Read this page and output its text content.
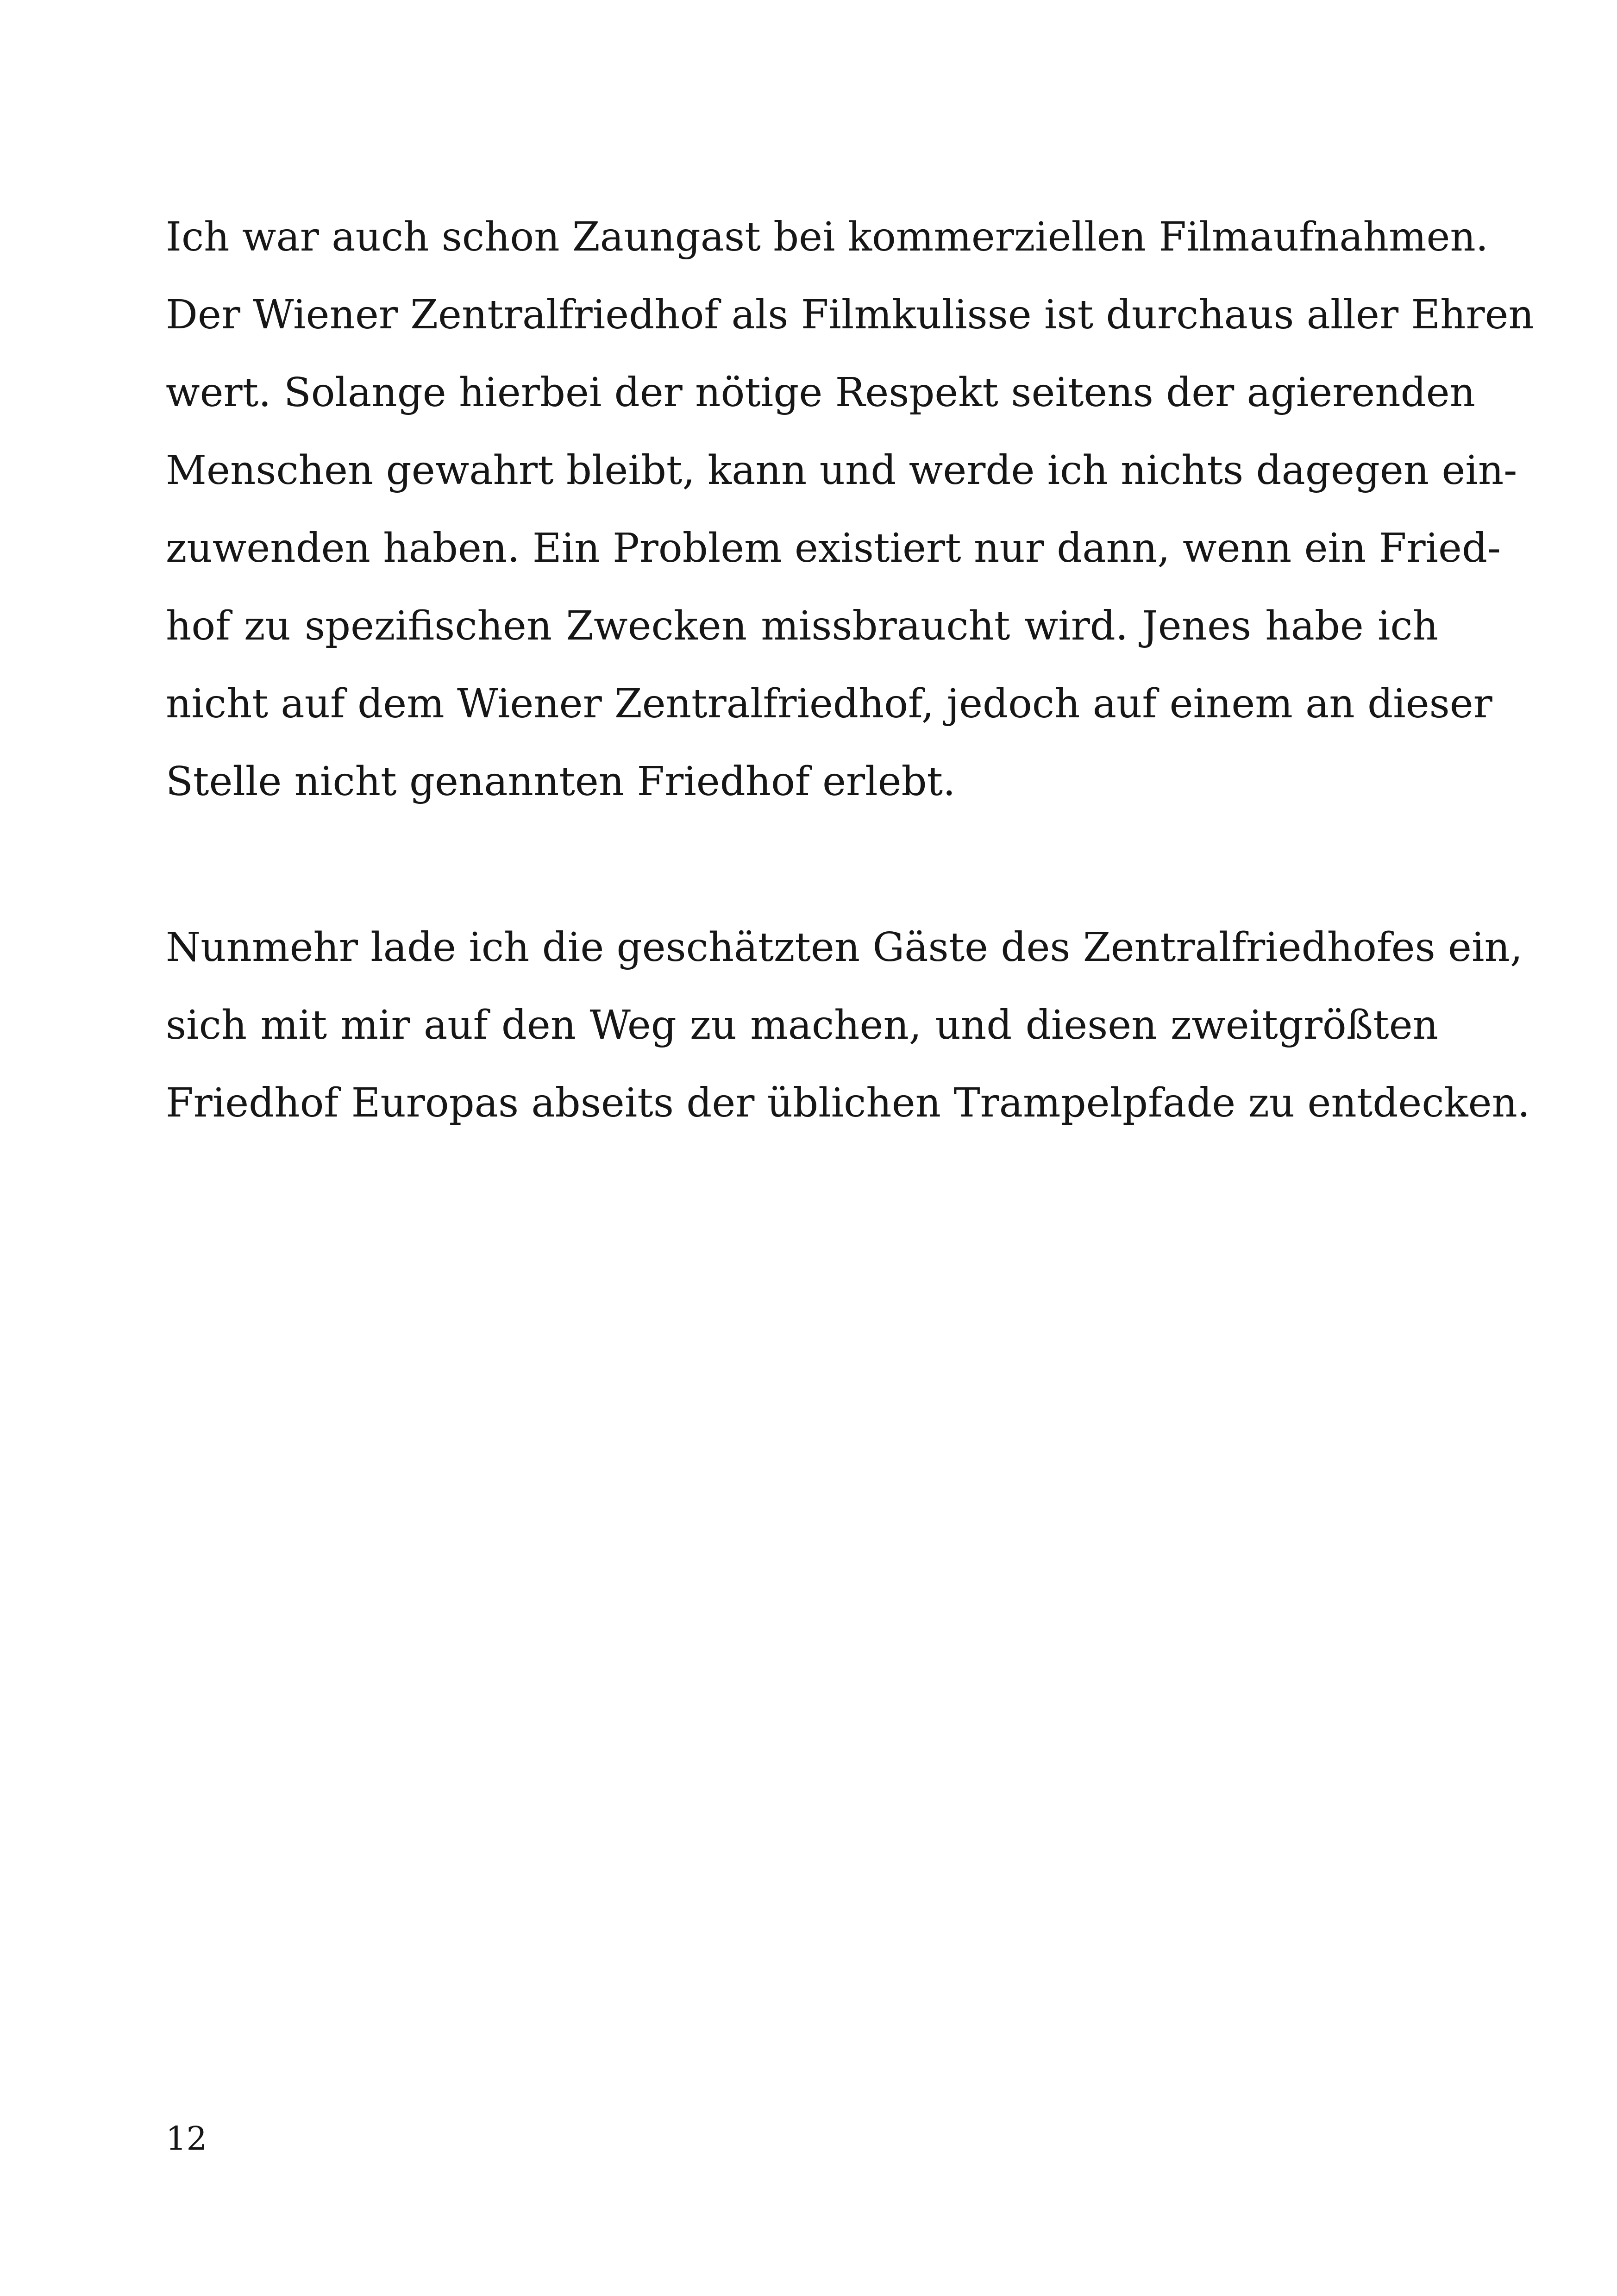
Ich war auch schon Zaungast bei kommerziellen Filmaufnahmen.
Der Wiener Zentralfriedhof als Filmkulisse ist durchaus aller Ehren
wert. Solange hierbei der nötige Respekt seitens der agierenden
Menschen gewahrt bleibt, kann und werde ich nichts dagegen ein-
zuwenden haben. Ein Problem existiert nur dann, wenn ein Fried-
hof zu spezifischen Zwecken missbraucht wird. Jenes habe ich
nicht auf dem Wiener Zentralfriedhof, jedoch auf einem an dieser
Stelle nicht genannten Friedhof erlebt.
Nunmehr lade ich die geschätzten Gäste des Zentralfriedhofes ein,
sich mit mir auf den Weg zu machen, und diesen zweitgrößten
Friedhof Europas abseits der üblichen Trampelpfade zu entdecken.
12
